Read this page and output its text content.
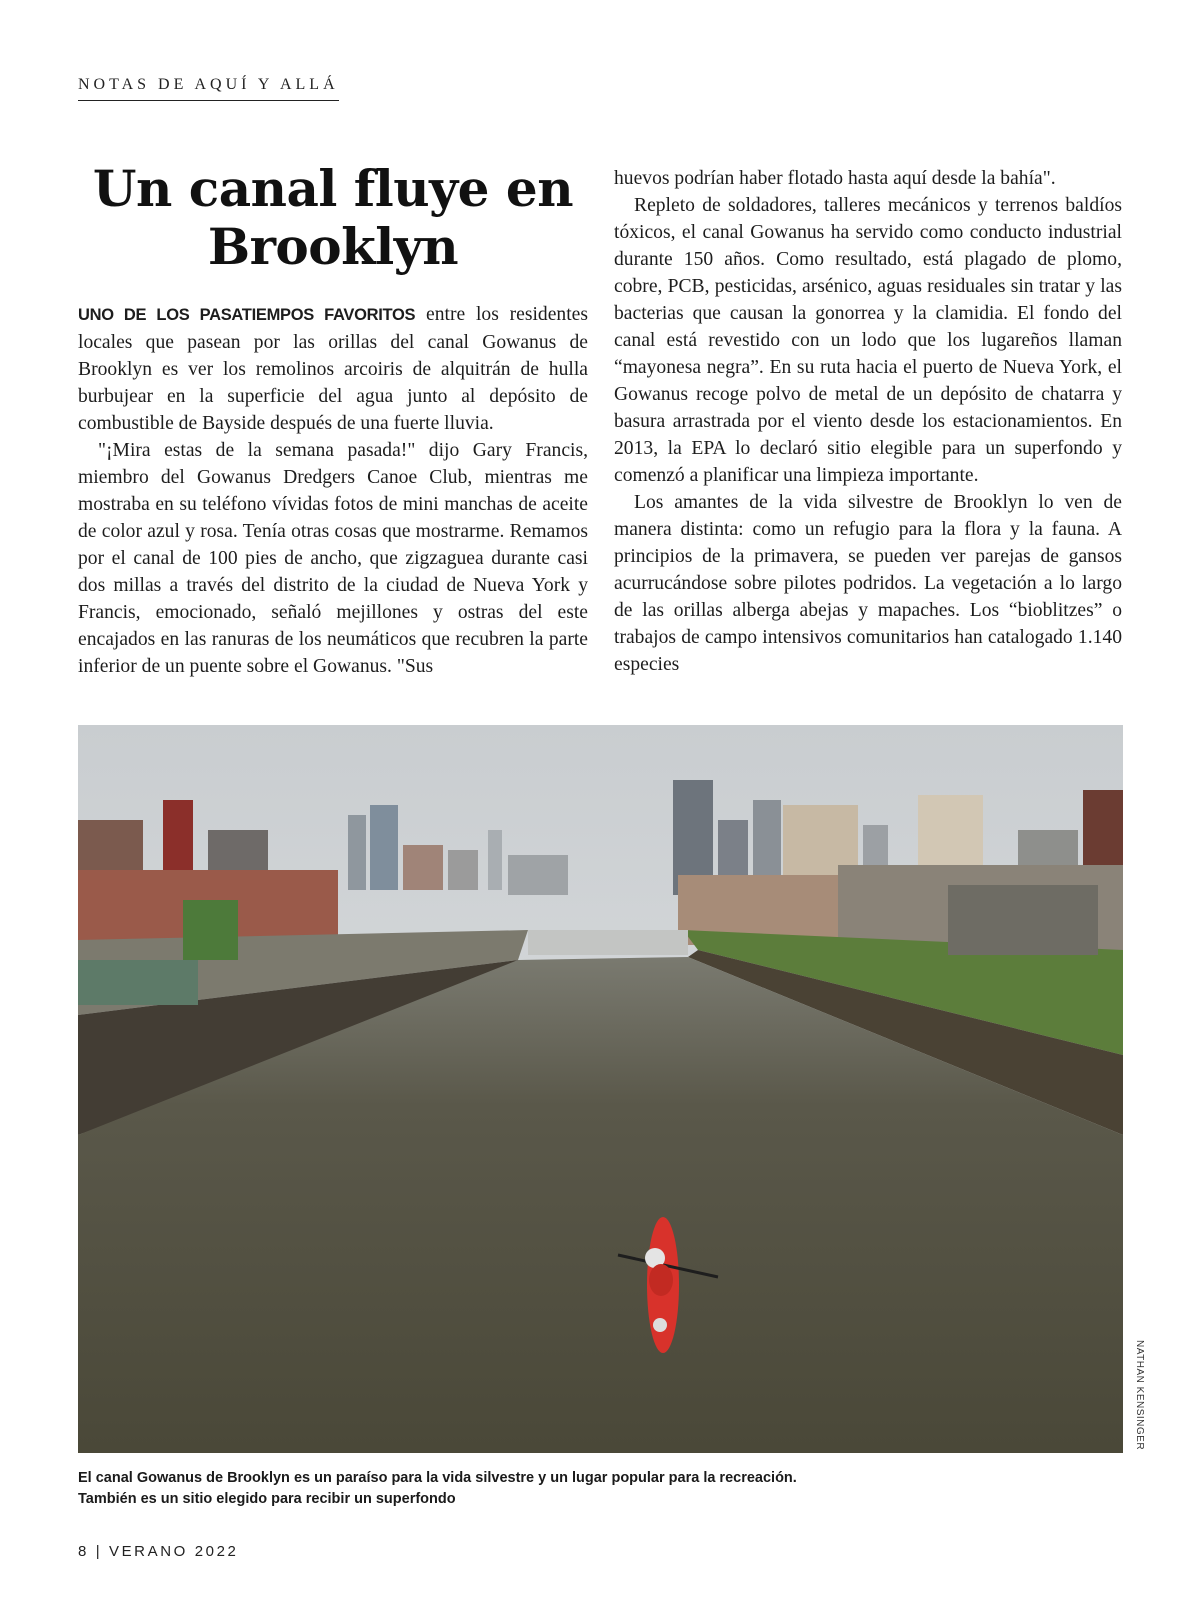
NOTAS DE AQUÍ Y ALLÁ
Un canal fluye en
Brooklyn

UNO DE LOS PASATIEMPOS FAVORITOS entre los residentes locales que pasean por las orillas del canal Gowanus de Brooklyn es ver los remolinos arcoiris de alquitrán de hulla burbujear en la superficie del agua junto al depósito de combustible de Bayside después de una fuerte lluvia.

"¡Mira estas de la semana pasada!" dijo Gary Francis, miembro del Gowanus Dredgers Canoe Club, mientras me mostraba en su teléfono vívidas fotos de mini manchas de aceite de color azul y rosa. Tenía otras cosas que mostrarme. Remamos por el canal de 100 pies de ancho, que zigzaguea durante casi dos millas a través del distrito de la ciudad de Nueva York y Francis, emocionado, señaló mejillones y ostras del este encajados en las ranuras de los neumáticos que recubren la parte inferior de un puente sobre el Gowanus. "Sus

huevos podrían haber flotado hasta aquí desde la bahía".

Repleto de soldadores, talleres mecánicos y terrenos baldíos tóxicos, el canal Gowanus ha servido como conducto industrial durante 150 años. Como resultado, está plagado de plomo, cobre, PCB, pesticidas, arsénico, aguas residuales sin tratar y las bacterias que causan la gonorrea y la clamidia. El fondo del canal está revestido con un lodo que los lugareños llaman “mayonesa negra”. En su ruta hacia el puerto de Nueva York, el Gowanus recoge polvo de metal de un depósito de chatarra y basura arrastrada por el viento desde los estacionamientos. En 2013, la EPA lo declaró sitio elegible para un superfondo y comenzó a planificar una limpieza importante.

Los amantes de la vida silvestre de Brooklyn lo ven de manera distinta: como un refugio para la flora y la fauna. A principios de la primavera, se pueden ver parejas de gansos acurrucándose sobre pilotes podridos. La vegetación a lo largo de las orillas alberga abejas y mapaches. Los “bioblitzes” o trabajos de campo intensivos comunitarios han catalogado 1.140 especies

NATHAN KENSINGER
El canal Gowanus de Brooklyn es un paraíso para la vida silvestre y un lugar popular para la recreación.
También es un sitio elegido para recibir un superfondo
8 | VERANO 2022
